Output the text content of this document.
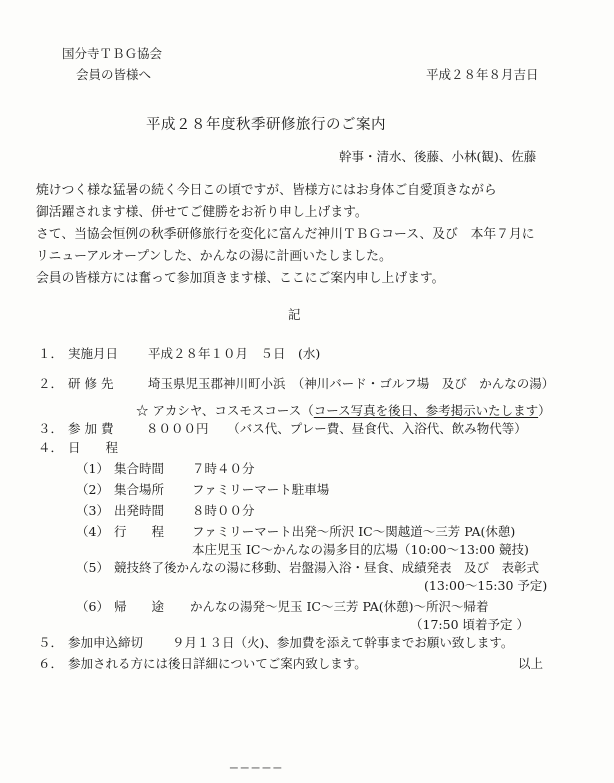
国分寺ＴＢＧ協会
会員の皆様へ	平成２８年８月吉日
平成２８年度秋季研修旅行のご案内
幹事・清水、後藤、小林(観)、佐藤
焼けつく様な猛暑の続く今日この頃ですが、皆様方にはお身体ご自愛頂きながら
御活躍されます様、併せてご健勝をお祈り申し上げます。
さて、当協会恒例の秋季研修旅行を変化に富んだ神川ＴＢＧコース、及び　本年７月に
リニューアルオープンした、かんなの湯に計画いたしました。
会員の皆様方には奮って参加頂きます様、ここにご案内申し上げます。
記
１． 実施月日 平成２８年１０月　５日　(水)
２． 研 修 先	埼玉県児玉郡神川町小浜　（神川バード・ゴルフ場　及び　かんなの湯）
☆ アカシヤ、コスモスコース（コース写真を後日、参考掲示いたします）
３． 参 加 費	８０００円　　（バス代、プレー費、昼食代、入浴代、飲み物代等）
４． 日　　程
（1） 集合時間 ７時４０分
（2） 集合場所 ファミリーマート駐車場
（3） 出発時間 ８時００分
（4） 行　　程 ファミリーマート出発～所沢 IC～関越道～三芳 PA(休憩)
本庄児玉 IC～かんなの湯多目的広場（10:00～13:00 競技)
（5） 競技終了後かんなの湯に移動、岩盤湯入浴・昼食、成績発表　及び　表彰式
(13:00～15:30 予定)
（6） 帰　　途 かんなの湯発～児玉 IC～三芳 PA(休憩)～所沢～帰着
（17:50 頃着予定 ）
５． 参加申込締切 ９月１３日（火)、参加費を添えて幹事までお願い致します。
６． 参加される方には後日詳細についてご案内致します。	以上
▔ ▔ ▔ ▔ ▔
